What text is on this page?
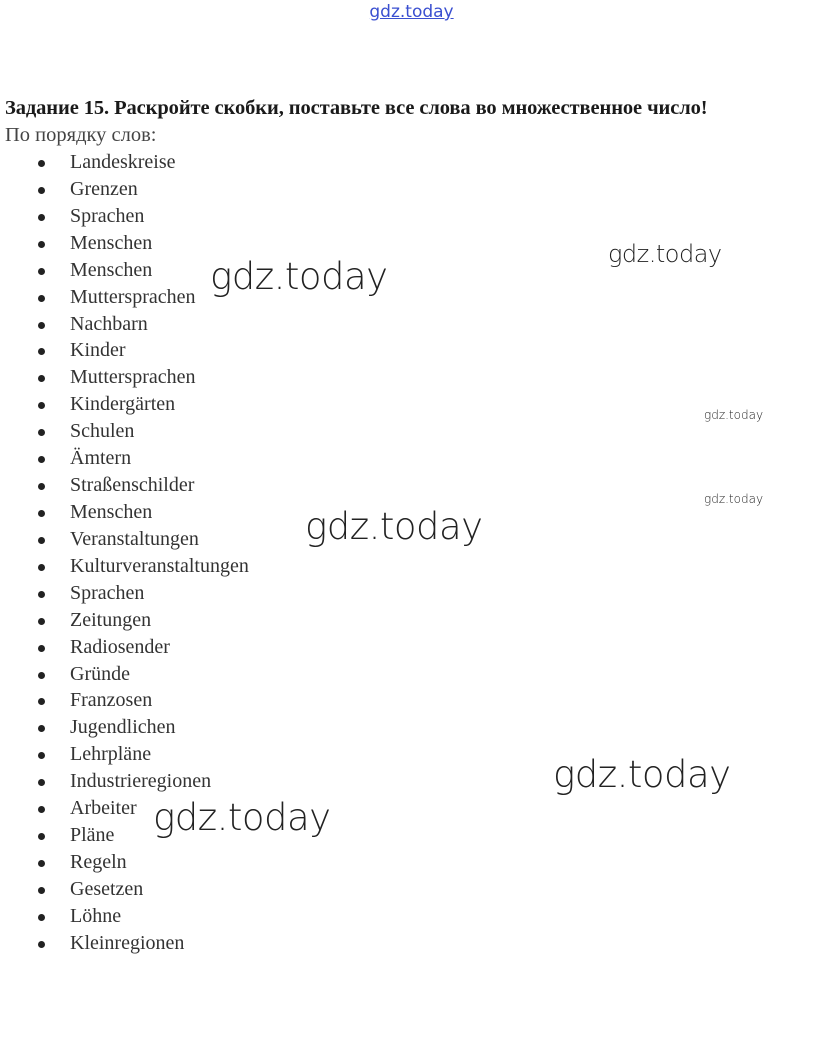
gdz.today
Задание 15. Раскройте скобки, поставьте все слова во множественное число!
По порядку слов:
Landeskreise
Grenzen
Sprachen
Menschen
Menschen
Muttersprachen
Nachbarn
Kinder
Muttersprachen
Kindergärten
Schulen
Ämtern
Straßenschilder
Menschen
Veranstaltungen
Kulturveranstaltungen
Sprachen
Zeitungen
Radiosender
Gründe
Franzosen
Jugendlichen
Lehrpläne
Industrieregionen
Arbeiter
Pläne
Regeln
Gesetzen
Löhne
Kleinregionen
gdz.today
gdz.today
gdz.today
gdz.today
gdz.today
gdz.today
gdz.today
